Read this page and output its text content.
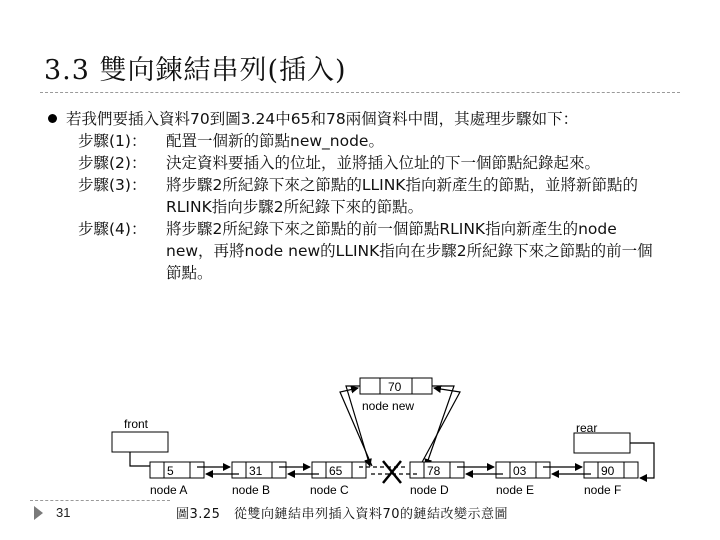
3.3 雙向鍊結串列(插入)
若我們要插入資料70到圖3.24中65和78兩個資料中間，其處理步驟如下：
步驟(1)：	配置一個新的節點new_node。
步驟(2)：	決定資料要插入的位址，並將插入位址的下一個節點紀錄起來。
步驟(3)：	將步驟2所紀錄下來之節點的LLINK指向新產生的節點，並將新節點的RLINK指向步驟2所紀錄下來的節點。
步驟(4)：	將步驟2所紀錄下來之節點的前一個節點RLINK指向新產生的node new，再將node new的LLINK指向在步驟2所紀錄下來之節點的前一個節點。
70
node new
front	rear
5
node A
31
node B
65
node C
78
node D
03
node E
90
node F
31	圖3.25　從雙向鏈結串列插入資料70的鏈結改變示意圖
